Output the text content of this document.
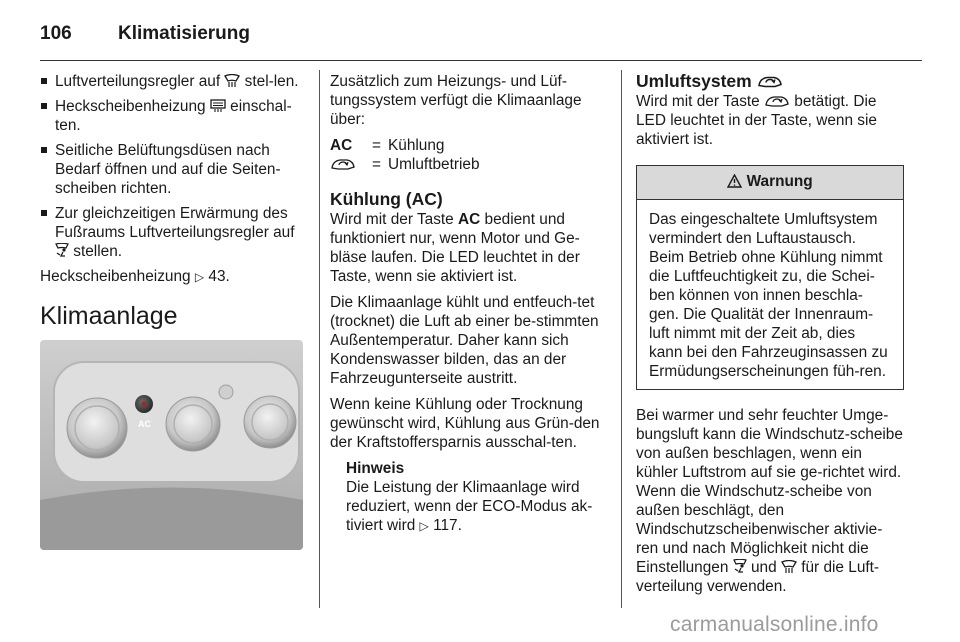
106	Klimatisierung
Luftverteilungsregler auf  stel-len.
Heckscheibenheizung  einschal-ten.
Seitliche Belüftungsdüsen nach Bedarf öffnen und auf die Seiten-scheiben richten.
Zur gleichzeitigen Erwärmung des Fußraums Luftverteilungsregler auf  stellen.

Heckscheibenheizung ▷ 43.

Klimaanlage
AC

Zusätzlich zum Heizungs- und Lüf-tungssystem verfügt die Klimaanlage über:

AC	= Kühlung
= Umluftbetrieb
Kühlung (AC)

Wird mit der Taste AC bedient und funktioniert nur, wenn Motor und Ge-bläse laufen. Die LED leuchtet in der Taste, wenn sie aktiviert ist.

Die Klimaanlage kühlt und entfeuch-tet (trocknet) die Luft ab einer be-stimmten Außentemperatur. Daher kann sich Kondenswasser bilden, das an der Fahrzeugunterseite austritt.

Wenn keine Kühlung oder Trocknung gewünscht wird, Kühlung aus Grün-den der Kraftstoffersparnis ausschal-ten.

Hinweis
Die Leistung der Klimaanlage wird reduziert, wenn der ECO-Modus ak-tiviert wird ▷ 117.
Umluftsystem

Wird mit der Taste  betätigt. Die LED leuchtet in der Taste, wenn sie aktiviert ist.

Warnung
Das eingeschaltete Umluftsystem vermindert den Luftaustausch. Beim Betrieb ohne Kühlung nimmt die Luftfeuchtigkeit zu, die Schei-ben können von innen beschla-gen. Die Qualität der Innenraum-luft nimmt mit der Zeit ab, dies kann bei den Fahrzeuginsassen zu Ermüdungserscheinungen füh-ren.

Bei warmer und sehr feuchter Umge-bungsluft kann die Windschutz-scheibe von außen beschlagen, wenn ein kühler Luftstrom auf sie ge-richtet wird. Wenn die Windschutz-scheibe von außen beschlägt, den Windschutzscheibenwischer aktivie-ren und nach Möglichkeit nicht die Einstellungen  und  für die Luft-verteilung verwenden.

carmanualsonline.info
